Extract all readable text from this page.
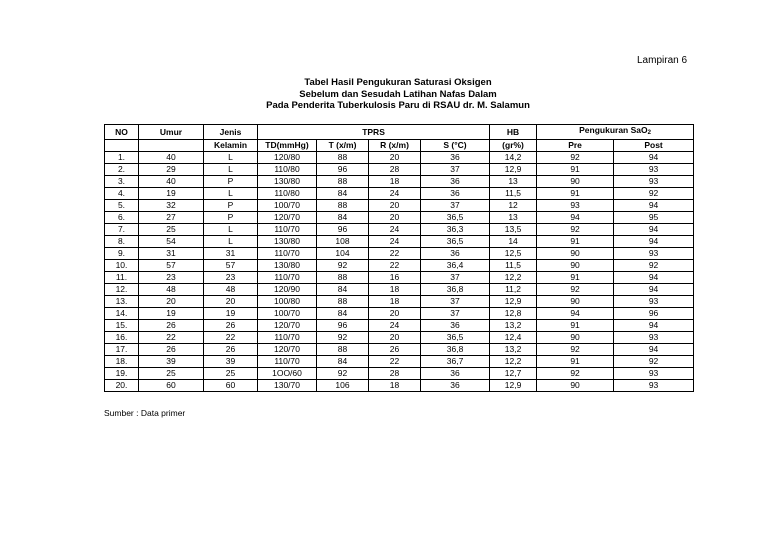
Lampiran 6
Tabel Hasil Pengukuran Saturasi Oksigen
Sebelum dan Sesudah Latihan Nafas Dalam
Pada Penderita Tuberkulosis Paru di RSAU dr. M. Salamun
NO	Umur	Jenis	TPRS				HB	Pengukuran SaO2	
		Kelamin	TD(mmHg)	T (x/m)	R (x/m)	S (°C)	(gr%)	Pre	Post
1.	40	L	120/80	88	20	36	14,2	92	94
2.	29	L	110/80	96	28	37	12,9	91	93
3.	40	P	130/80	88	18	36	13	90	93
4.	19	L	110/80	84	24	36	11,5	91	92
5.	32	P	100/70	88	20	37	12	93	94
6.	27	P	120/70	84	20	36,5	13	94	95
7.	25	L	110/70	96	24	36,3	13,5	92	94
8.	54	L	130/80	108	24	36,5	14	91	94
9.	31	31	110/70	104	22	36	12,5	90	93
10.	57	57	130/80	92	22	36,4	11,5	90	92
11.	23	23	110/70	88	16	37	12,2	91	94
12.	48	48	120/90	84	18	36,8	11,2	92	94
13.	20	20	100/80	88	18	37	12,9	90	93
14.	19	19	100/70	84	20	37	12,8	94	96
15.	26	26	120/70	96	24	36	13,2	91	94
16.	22	22	110/70	92	20	36,5	12,4	90	93
17.	26	26	120/70	88	26	36,8	13,2	92	94
18.	39	39	110/70	84	22	36,7	12,2	91	92
19.	25	25	1OO/60	92	28	36	12,7	92	93
20.	60	60	130/70	106	18	36	12,9	90	93
Sumber : Data primer
